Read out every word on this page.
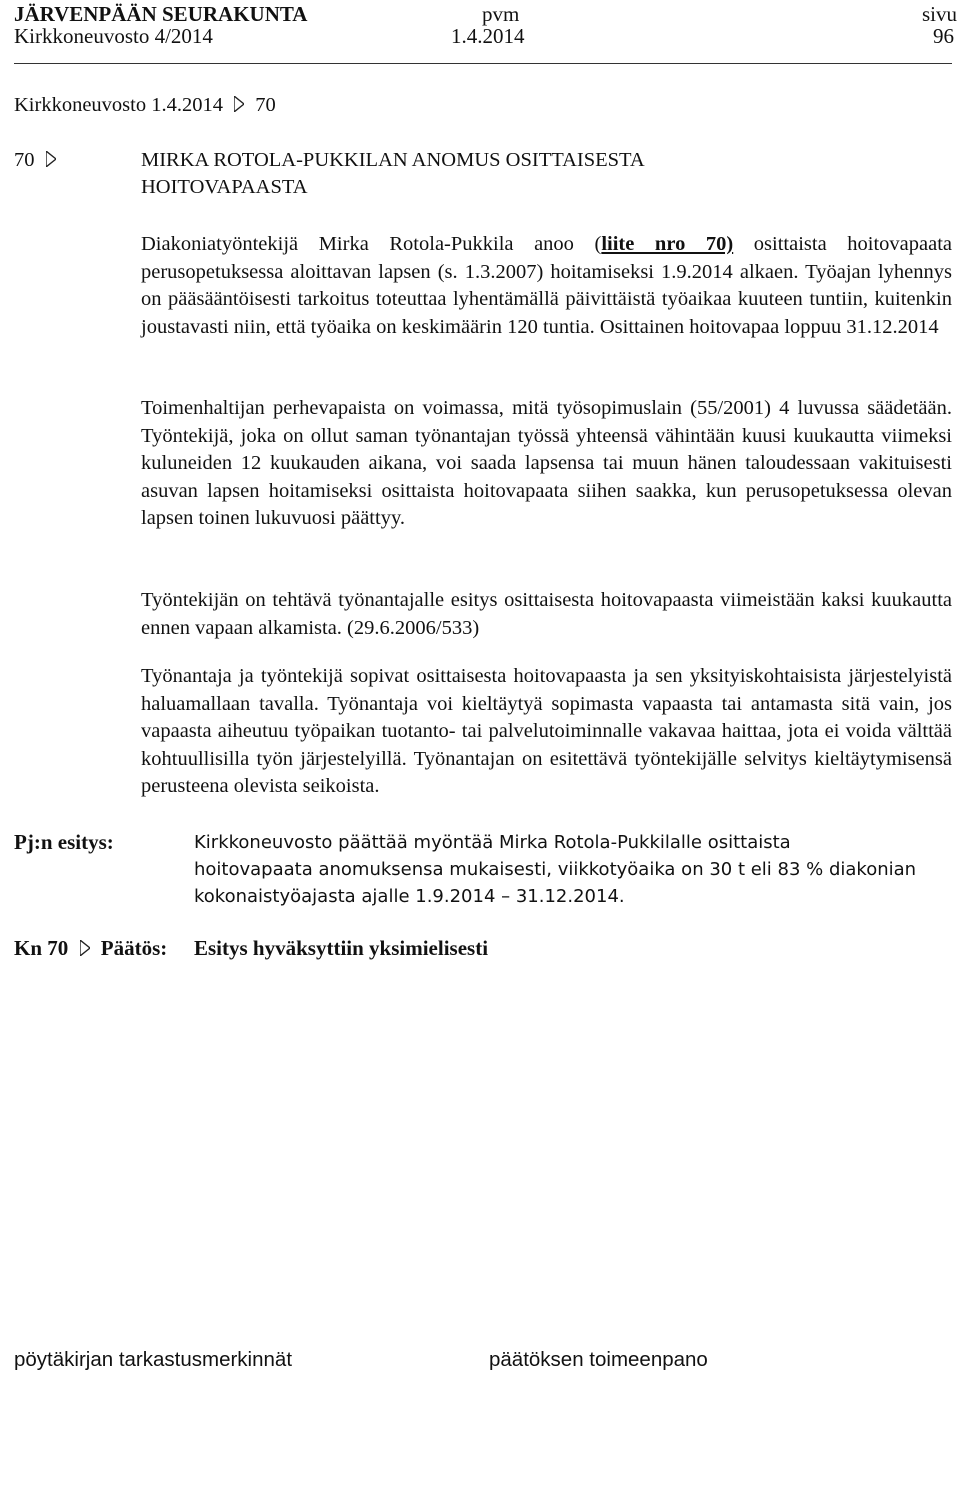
JÄRVENPÄÄN SEURAKUNTA	pvm	sivu
Kirkkoneuvosto 4/2014	1.4.2014	96
Kirkkoneuvosto 1.4.2014 70
70	MIRKA ROTOLA-PUKKILAN ANOMUS OSITTAISESTA
HOITOVAPAASTA

Diakoniatyöntekijä Mirka Rotola-Pukkila anoo (liite nro 70) osittaista hoitovapaata perusopetuksessa aloittavan lapsen (s. 1.3.2007) hoitamiseksi 1.9.2014 alkaen. Työajan lyhennys on pääsääntöisesti tarkoitus toteuttaa lyhentämällä päivittäistä työaikaa kuuteen tuntiin, kuitenkin joustavasti niin, että työaika on keskimäärin 120 tuntia. Osittainen hoitovapaa loppuu 31.12.2014

Toimenhaltijan perhevapaista on voimassa, mitä työsopimuslain (55/2001) 4 luvussa säädetään. Työntekijä, joka on ollut saman työnantajan työssä yhteensä vähintään kuusi kuukautta viimeksi kuluneiden 12 kuukauden aikana, voi saada lapsensa tai muun hänen taloudessaan vakituisesti asuvan lapsen hoitamiseksi osittaista hoitovapaata siihen saakka, kun perusopetuksessa olevan lapsen toinen lukuvuosi päättyy.

Työntekijän on tehtävä työnantajalle esitys osittaisesta hoitovapaasta viimeistään kaksi kuukautta ennen vapaan alkamista. (29.6.2006/533)

Työnantaja ja työntekijä sopivat osittaisesta hoitovapaasta ja sen yksityiskohtaisista järjestelyistä haluamallaan tavalla. Työnantaja voi kieltäytyä sopimasta vapaasta tai antamasta sitä vain, jos vapaasta aiheutuu työpaikan tuotanto- tai palvelutoiminnalle vakavaa haittaa, jota ei voida välttää kohtuullisilla työn järjestelyillä. Työnantajan on esitettävä työntekijälle selvitys kieltäytymisensä perusteena olevista seikoista.

Pj:n esitys:	Kirkkoneuvosto päättää myöntää Mirka Rotola-Pukkilalle osittaista
hoitovapaata anomuksensa mukaisesti, viikkotyöaika on 30 t eli 83 % diakonian
kokonaistyöajasta ajalle 1.9.2014 – 31.12.2014.
Kn 70 Päätös: Esitys hyväksyttiin yksimielisesti
pöytäkirjan tarkastusmerkinnät	päätöksen toimeenpano
